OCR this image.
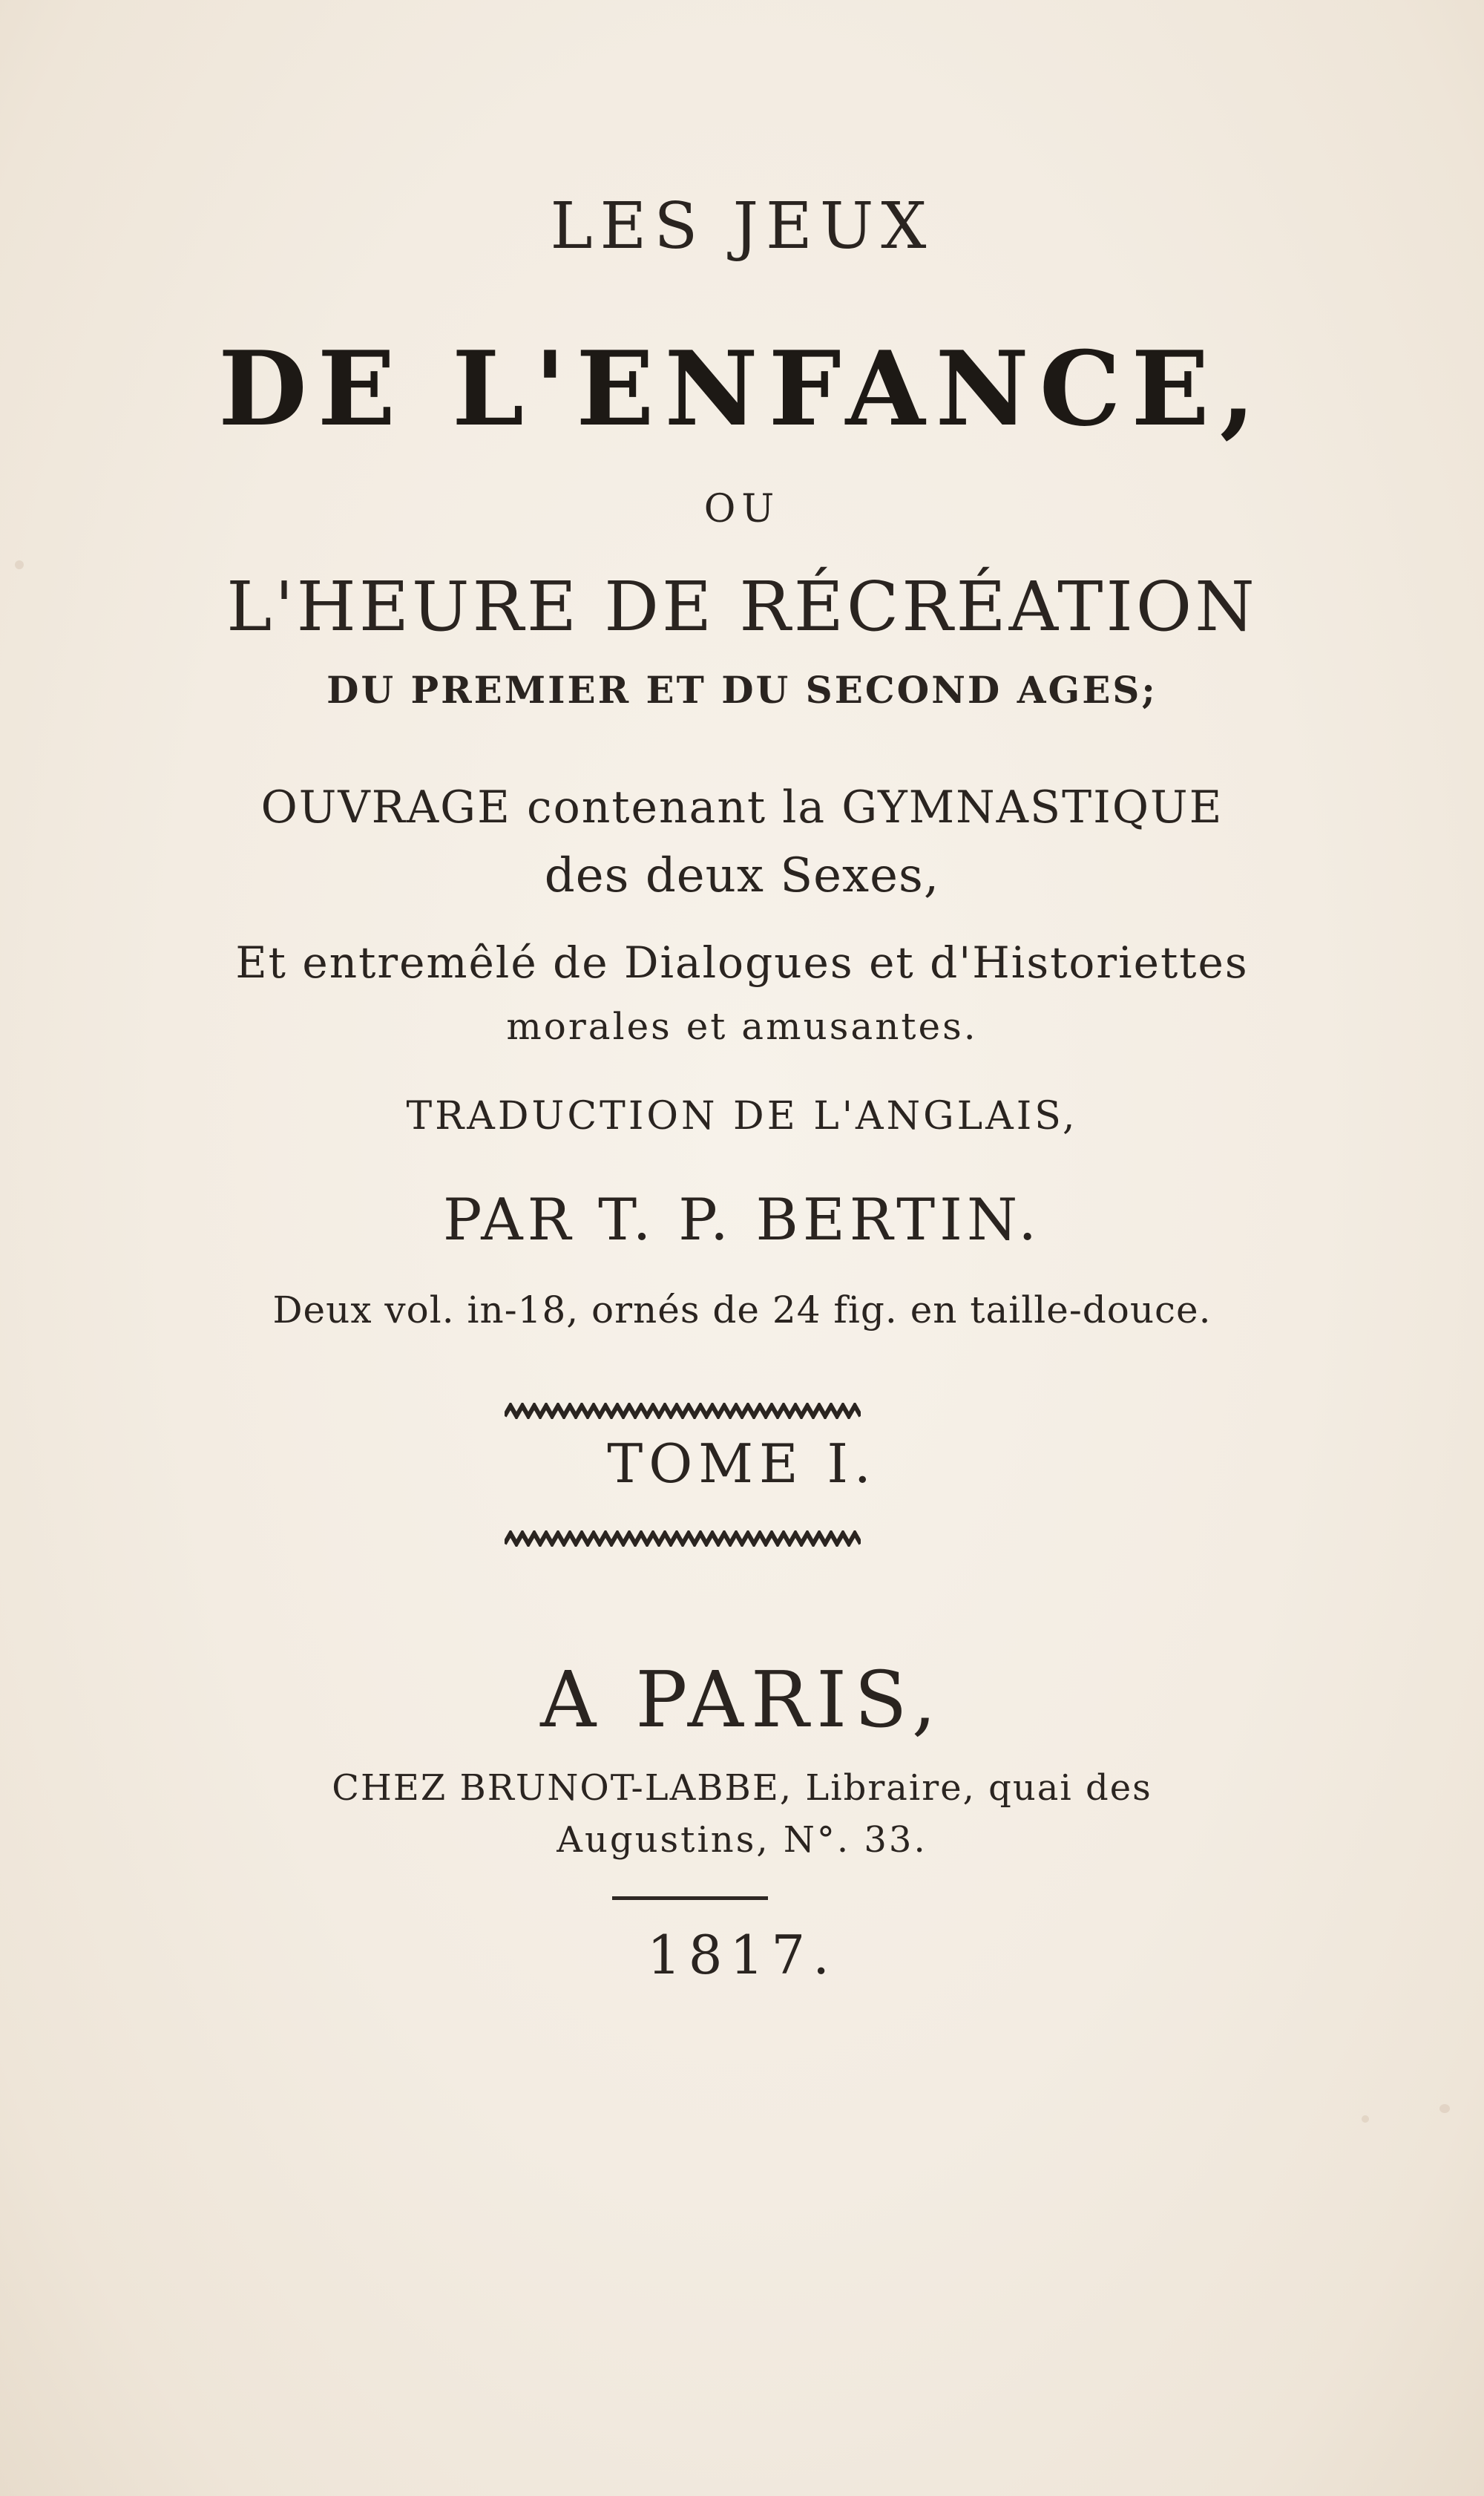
LES JEUX
DE L'ENFANCE,
OU
L'HEURE DE RÉCRÉATION
DU PREMIER ET DU SECOND AGES;
OUVRAGE contenant la GYMNASTIQUE
des deux Sexes,
Et entremêlé de Dialogues et d'Historiettes
morales et amusantes.
TRADUCTION DE L'ANGLAIS,
PAR T. P. BERTIN.
Deux vol. in-18, ornés de 24 fig. en taille-douce.
TOME I.
A PARIS,
CHEZ BRUNOT-LABBE, Libraire, quai des
Augustins, N°. 33.
1817.
